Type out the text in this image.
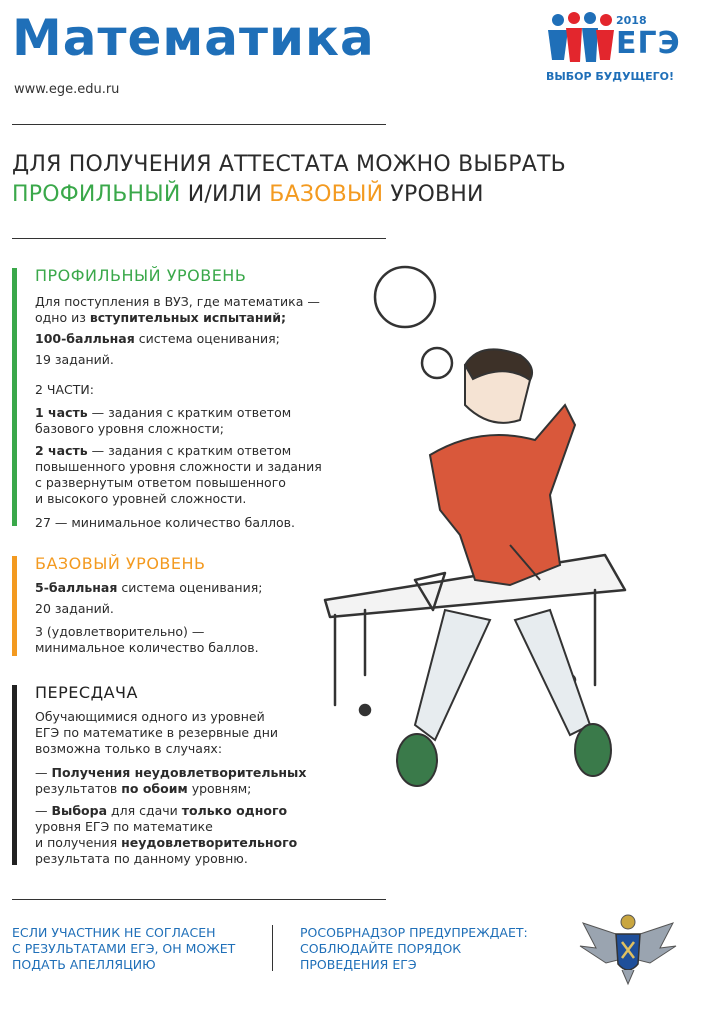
Математика
www.ege.edu.ru
2018
ЕГЭ
ВЫБОР БУДУЩЕГО!
ДЛЯ ПОЛУЧЕНИЯ АТТЕСТАТА МОЖНО ВЫБРАТЬ
ПРОФИЛЬНЫЙ И/ИЛИ БАЗОВЫЙ УРОВНИ
ПРОФИЛЬНЫЙ УРОВЕНЬ
Для поступления в ВУЗ, где математика —
одно из вступительных испытаний;
100-балльная система оценивания;
19 заданий.
2 ЧАСТИ:
1 часть — задания с кратким ответом
базового уровня сложности;
2 часть — задания с кратким ответом
повышенного уровня сложности и задания
с развернутым ответом повышенного
и высокого уровней сложности.
27 — минимальное количество баллов.
БАЗОВЫЙ УРОВЕНЬ
5-балльная система оценивания;
20 заданий.
3 (удовлетворительно) —
минимальное количество баллов.
ПЕРЕСДАЧА
Обучающимися одного из уровней
ЕГЭ по математике в резервные дни
возможна только в случаях:
— Получения неудовлетворительных
результатов по обоим уровням;
— Выбора для сдачи только одного
уровня ЕГЭ по математике
и получения неудовлетворительного
результата по данному уровню.
ЕСЛИ УЧАСТНИК НЕ СОГЛАСЕН
С РЕЗУЛЬТАТАМИ ЕГЭ, ОН МОЖЕТ
ПОДАТЬ АПЕЛЛЯЦИЮ
РОСОБРНАДЗОР ПРЕДУПРЕЖДАЕТ:
СОБЛЮДАЙТЕ ПОРЯДОК
ПРОВЕДЕНИЯ ЕГЭ
